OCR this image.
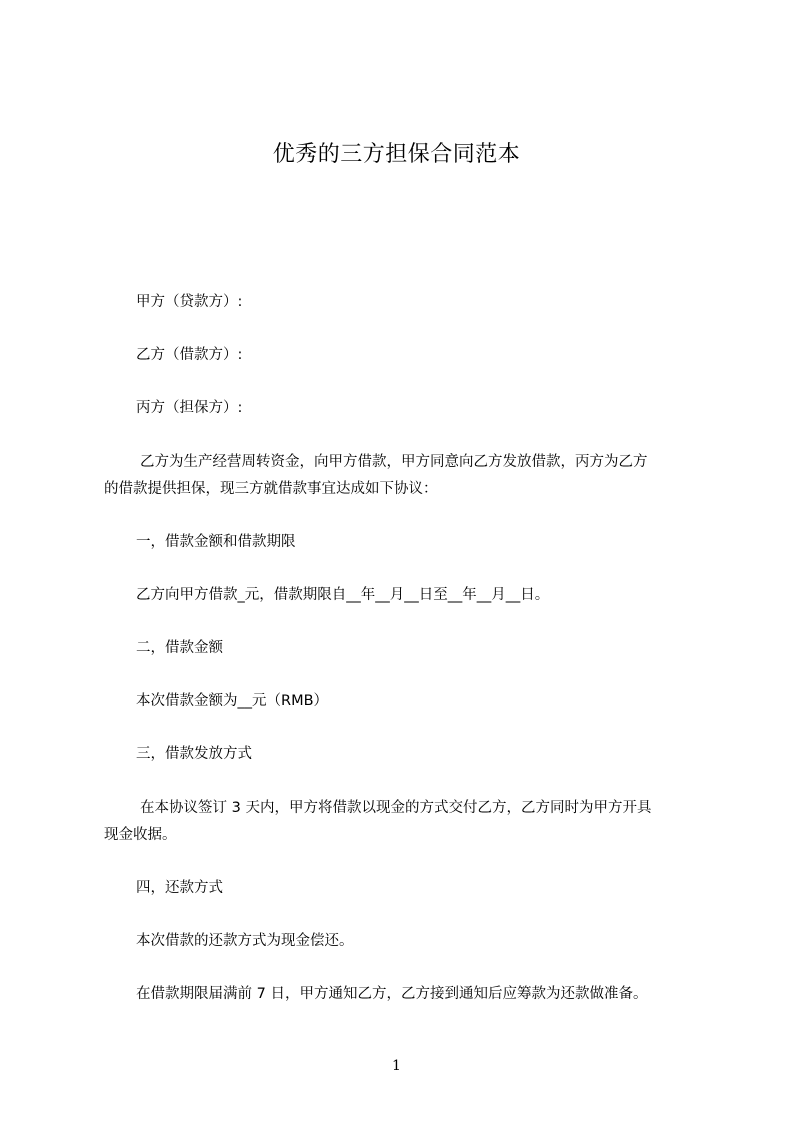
优秀的三方担保合同范本

甲方（贷款方）:

乙方（借款方）:

丙方（担保方）:

乙方为生产经营周转资金，向甲方借款，甲方同意向乙方发放借款，丙方为乙方

的借款提供担保，现三方就借款事宜达成如下协议：

一，借款金额和借款期限

乙方向甲方借款_元，借款期限自__年__月__日至__年__月__日。

二，借款金额

本次借款金额为__元（RMB）

三，借款发放方式

在本协议签订 3 天内，甲方将借款以现金的方式交付乙方，乙方同时为甲方开具

现金收据。

四，还款方式

本次借款的还款方式为现金偿还。

在借款期限届满前 7 日，甲方通知乙方，乙方接到通知后应筹款为还款做准备。

1
